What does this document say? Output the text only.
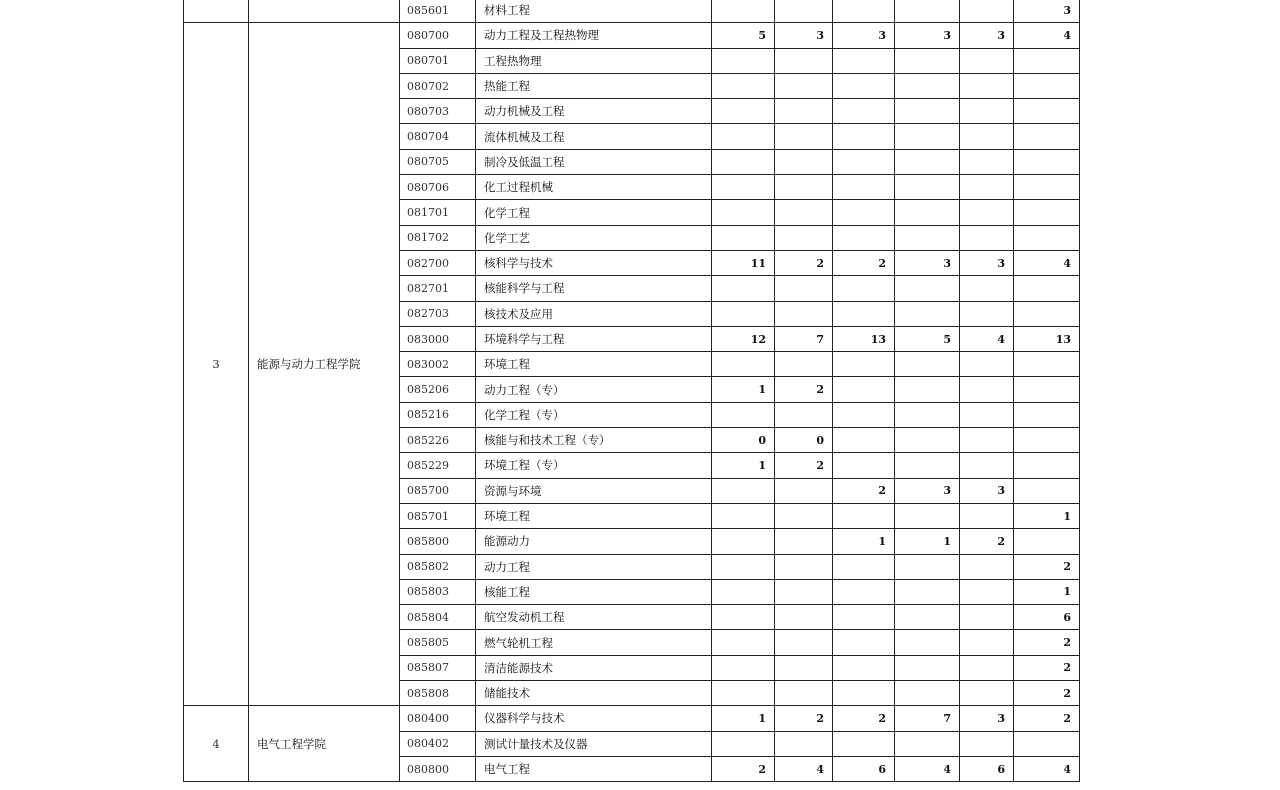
		085601	材料工程						3
3	能源与动力工程学院	080700	动力工程及工程热物理	5	3	3	3	3	4
		080701	工程热物理						
		080702	热能工程						
		080703	动力机械及工程						
		080704	流体机械及工程						
		080705	制冷及低温工程						
		080706	化工过程机械						
		081701	化学工程						
		081702	化学工艺						
		082700	核科学与技术	11	2	2	3	3	4
		082701	核能科学与工程						
		082703	核技术及应用						
		083000	环境科学与工程	12	7	13	5	4	13
		083002	环境工程						
		085206	动力工程（专）	1	2				
		085216	化学工程（专）						
		085226	核能与和技术工程（专）	0	0				
		085229	环境工程（专）	1	2				
		085700	资源与环境			2	3	3	
		085701	环境工程						1
		085800	能源动力			1	1	2	
		085802	动力工程						2
		085803	核能工程						1
		085804	航空发动机工程						6
		085805	燃气轮机工程						2
		085807	清洁能源技术						2
		085808	储能技术						2
4	电气工程学院	080400	仪器科学与技术	1	2	2	7	3	2
		080402	测试计量技术及仪器						
		080800	电气工程	2	4	6	4	6	4
